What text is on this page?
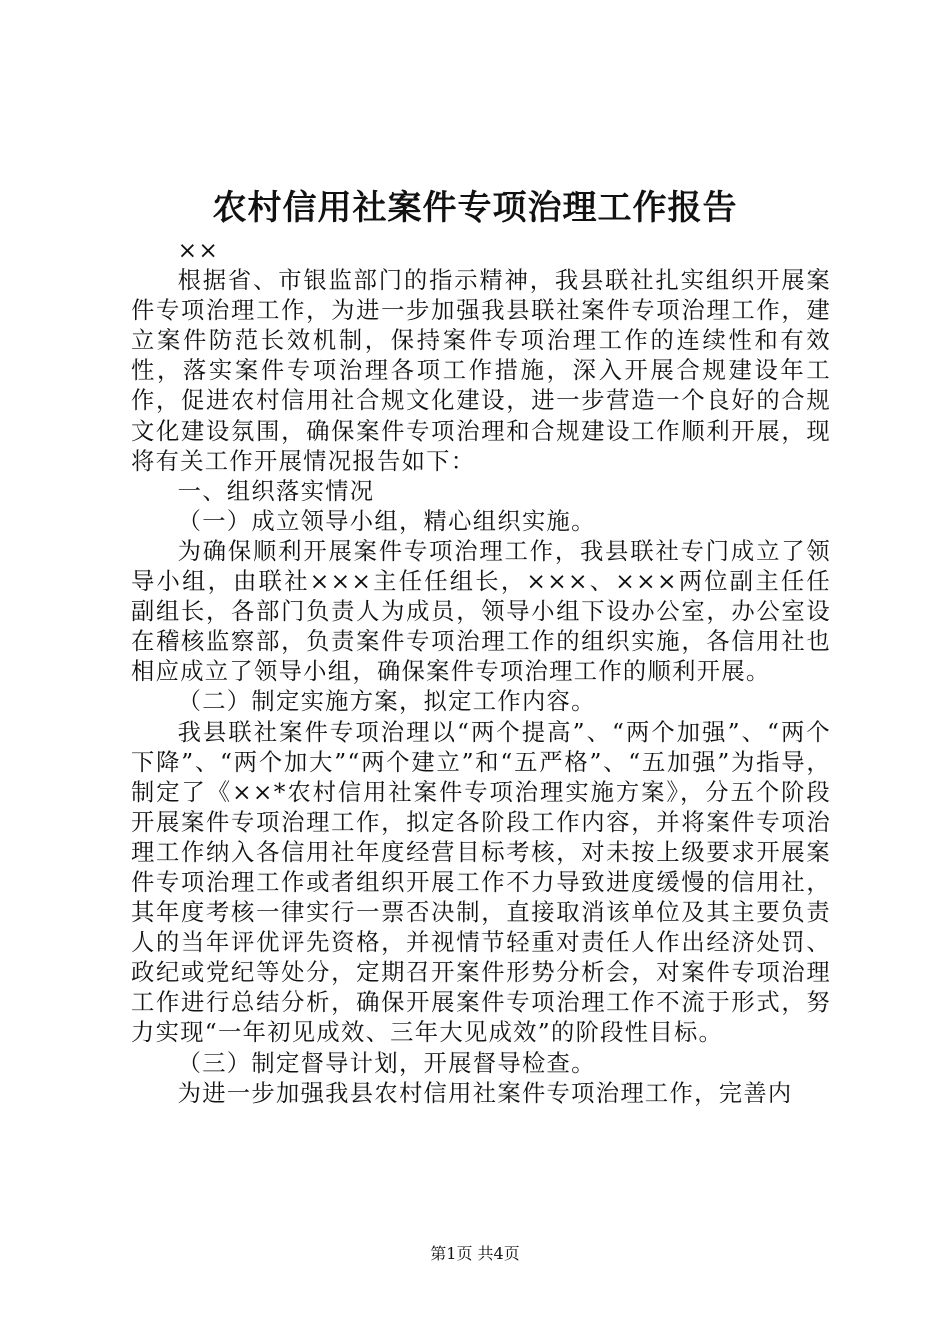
农村信用社案件专项治理工作报告

××

根据省、市银监部门的指示精神，我县联社扎实组织开展案件专项治理工作，为进一步加强我县联社案件专项治理工作，建立案件防范长效机制，保持案件专项治理工作的连续性和有效性，落实案件专项治理各项工作措施，深入开展合规建设年工作，促进农村信用社合规文化建设，进一步营造一个良好的合规文化建设氛围，确保案件专项治理和合规建设工作顺利开展，现将有关工作开展情况报告如下：

一、组织落实情况

（一）成立领导小组，精心组织实施。

为确保顺利开展案件专项治理工作，我县联社专门成立了领导小组，由联社×××主任任组长，×××、×××两位副主任任副组长，各部门负责人为成员，领导小组下设办公室，办公室设在稽核监察部，负责案件专项治理工作的组织实施，各信用社也相应成立了领导小组，确保案件专项治理工作的顺利开展。

（二）制定实施方案，拟定工作内容。

我县联社案件专项治理以“两个提高”、“两个加强”、“两个下降”、“两个加大”“两个建立”和“五严格”、“五加强”为指导，制定了《××*农村信用社案件专项治理实施方案》，分五个阶段开展案件专项治理工作，拟定各阶段工作内容，并将案件专项治理工作纳入各信用社年度经营目标考核，对未按上级要求开展案件专项治理工作或者组织开展工作不力导致进度缓慢的信用社，其年度考核一律实行一票否决制，直接取消该单位及其主要负责人的当年评优评先资格，并视情节轻重对责任人作出经济处罚、政纪或党纪等处分，定期召开案件形势分析会，对案件专项治理工作进行总结分析，确保开展案件专项治理工作不流于形式，努力实现“一年初见成效、三年大见成效”的阶段性目标。

（三）制定督导计划，开展督导检查。

为进一步加强我县农村信用社案件专项治理工作，完善内

第1页 共4页
